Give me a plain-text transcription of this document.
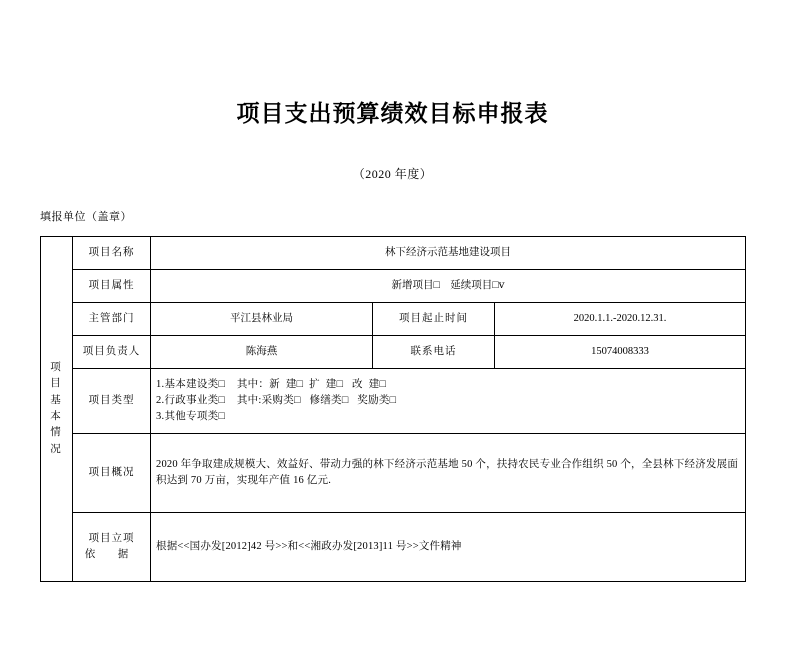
项目支出预算绩效目标申报表
（2020 年度）
填报单位（盖章）
项
目
基
本
情
况
	项目名称	林下经济示范基地建设项目
	项目属性	新增项目□    延续项目□ⅴ		
	主管部门	平江县林业局	项目起止时间	2020.1.1.-2020.12.31.
	项目负责人	陈海燕	联系电话	15074008333
	项目类型	1.基本建设类□    其中：新  建□  扩  建□   改  建□
2.行政事业类□    其中:采购类□   修缮类□   奖励类□
3.其他专项类□		

	项目概况	2020 年争取建成规模大、效益好、带动力强的林下经济示范基地 50 个，扶持农民专业合作组织 50 个，全县林下经济发展面积达到 70 万亩，实现年产值 16 亿元.		

	项目立项
依 据	根据<<国办发[2012]42 号>>和<<湘政办发[2013]11 号>>文件精神		
